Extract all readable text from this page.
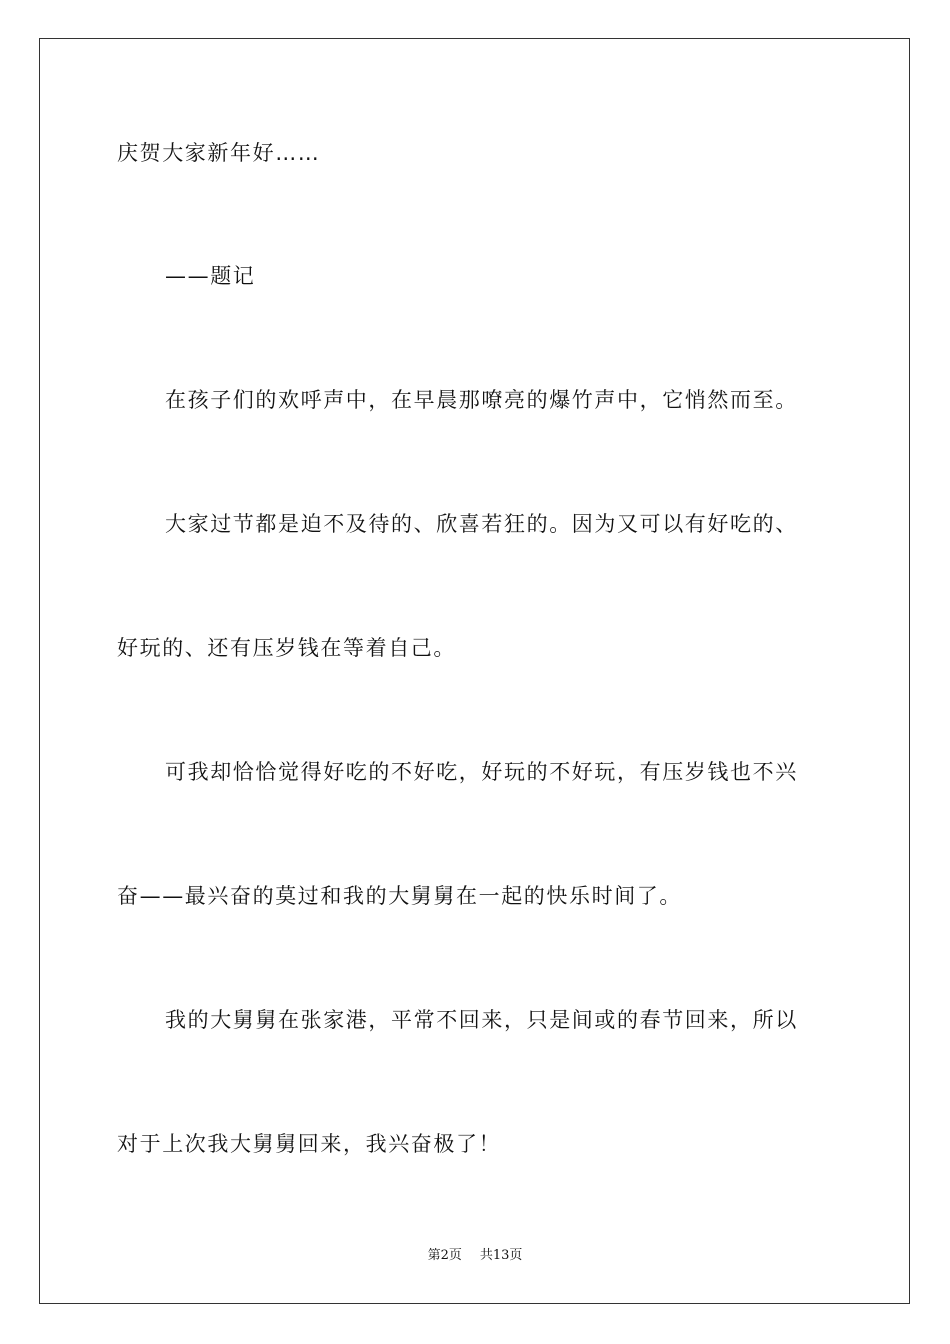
庆贺大家新年好……

——题记

在孩子们的欢呼声中，在早晨那嘹亮的爆竹声中，它悄然而至。

大家过节都是迫不及待的、欣喜若狂的。因为又可以有好吃的、

好玩的、还有压岁钱在等着自己。

可我却恰恰觉得好吃的不好吃，好玩的不好玩，有压岁钱也不兴

奋——最兴奋的莫过和我的大舅舅在一起的快乐时间了。

我的大舅舅在张家港，平常不回来，只是间或的春节回来，所以

对于上次我大舅舅回来，我兴奋极了！

第2页 共13页
